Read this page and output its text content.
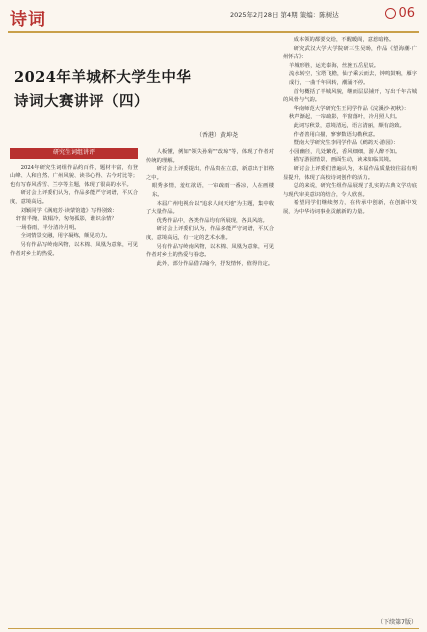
诗词	2025年2月28日 第4期 策编：陈树达	06
2024年羊城杯大学生中华
诗词大赛讲评（四）
（香港）黄坤尧
研究生词组讲评

2024年研究生词组作品约百件，题材丰富，有登山峰、人和自然、广州风貌、读书心得、古今对比等；也有写春风香雪、兰亭等主题，体现了很高的水平。

研讨会上评委们认为，作品多能严守词谱，平仄合度，意境高远。

刘颖同学《满庭芳·读蒙馆遗》写得别致：

轩窗半掩，故榻冷，匆匆孤影，谁识余情？

一场春雨，半分清冷月明。

全词情景交融，用字凝练，颇见功力。

另有作品写岭南风物，以木棉、凤凰为意象，可见作者对乡土的热爱。

人板懂，例如"领失孙菊""改琼"等，体现了作者对传统的理解。

研讨会上评委提出，作品贵在立意，新意出于旧格之中。

眼秀多情，羞红欲语，一帘疏雨一番凉，人在画楼东。

本届广州电视台以"追求人间天地"为主题，集中收了大量作品。

优秀作品中，各类作品均有所展现，各具风韵。

研讨会上评委们认为，作品多能严守词谱，平仄合度，意境高远，有一定的艺术水准。

另有作品写岭南风物，以木棉、凤凰为意象，可见作者对乡土的热爱与眷恋。

此外，部分作品借古喻今，抒发情怀，值得肯定。

成本领的都要交给，不醒暖阁，意惹暗格。

研究武汉大学大学院研三生吴旸，作品《望海潮·广州怀古》：

羊城形胜，运光泰海，丝旌五岳星辰。

流水转空，宝塔飞檐，仙子乘云而去，钟鸣鼓响，雁字成行，一曲千年回转，潮涌不停。

首句概括了羊城风貌，继而层层铺开，写出千年古城的风骨与气韵。

华南师范大学研究生王同学作品《浣溪沙·初秋》：

秋声渐起，一帘疏影，半窗落叶，冷月照人归。

此词写秋景，意境清远，语言清丽，颇有韵致。

作者善用白描，寥寥数语勾勒秋意。

暨南大学研究生李同学作品《鹧鸪天·游园》：

小园幽径，几处繁花，香风细细，游人醉不知。

描写游园情景，画面生动，读来如临其境。

研讨会上评委们普遍认为，本届作品质量较往届有明显提升，体现了高校诗词创作的活力。

总的来说，研究生组作品展现了扎实的古典文学功底与现代审美意识的结合，令人欣喜。

希望同学们继续努力，在传承中创新，在创新中发展，为中华诗词事业贡献新的力量。

（下续第7版）
